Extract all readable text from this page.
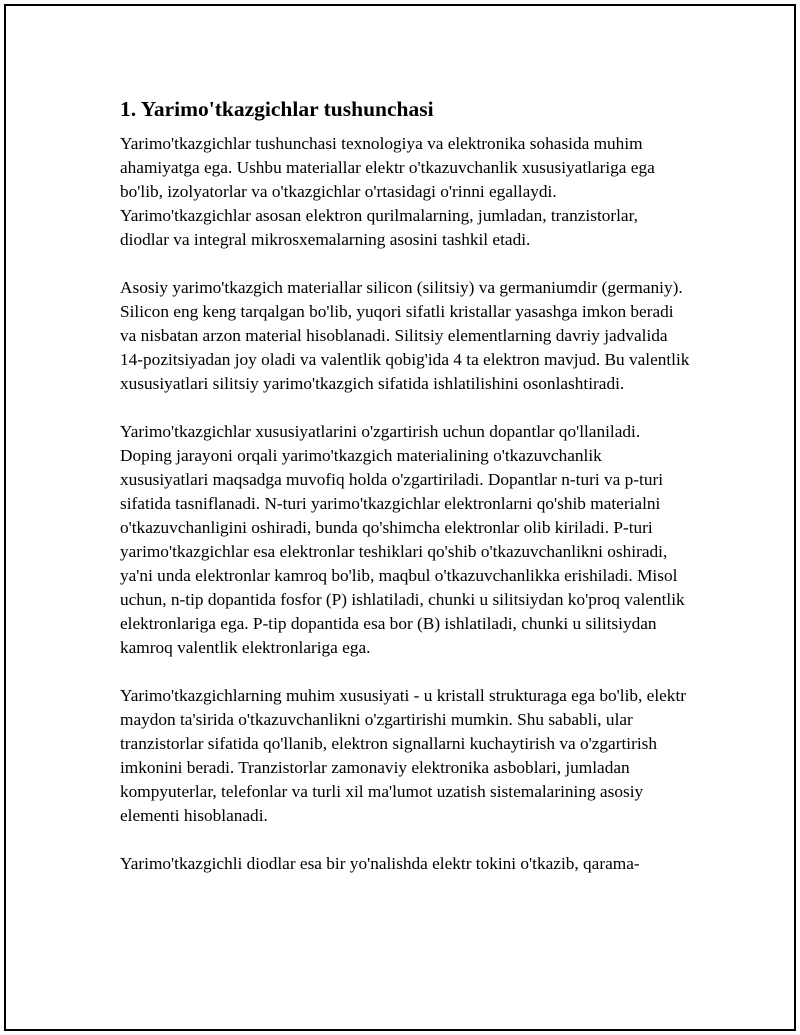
1. Yarimo'tkazgichlar tushunchasi

Yarimo'tkazgichlar tushunchasi texnologiya va elektronika sohasida muhim ahamiyatga ega. Ushbu materiallar elektr o'tkazuvchanlik xususiyatlariga ega bo'lib, izolyatorlar va o'tkazgichlar o'rtasidagi o'rinni egallaydi. Yarimo'tkazgichlar asosan elektron qurilmalarning, jumladan, tranzistorlar, diodlar va integral mikrosxemalarning asosini tashkil etadi.

Asosiy yarimo'tkazgich materiallar silicon (silitsiy) va germaniumdir (germaniy). Silicon eng keng tarqalgan bo'lib, yuqori sifatli kristallar yasashga imkon beradi va nisbatan arzon material hisoblanadi. Silitsiy elementlarning davriy jadvalida 14-pozitsiyadan joy oladi va valentlik qobig'ida 4 ta elektron mavjud. Bu valentlik xususiyatlari silitsiy yarimo'tkazgich sifatida ishlatilishini osonlashtiradi.

Yarimo'tkazgichlar xususiyatlarini o'zgartirish uchun dopantlar qo'llaniladi. Doping jarayoni orqali yarimo'tkazgich materialining o'tkazuvchanlik xususiyatlari maqsadga muvofiq holda o'zgartiriladi. Dopantlar n-turi va p-turi sifatida tasniflanadi. N-turi yarimo'tkazgichlar elektronlarni qo'shib materialni o'tkazuvchanligini oshiradi, bunda qo'shimcha elektronlar olib kiriladi. P-turi yarimo'tkazgichlar esa elektronlar teshiklari qo'shib o'tkazuvchanlikni oshiradi, ya'ni unda elektronlar kamroq bo'lib, maqbul o'tkazuvchanlikka erishiladi. Misol uchun, n-tip dopantida fosfor (P) ishlatiladi, chunki u silitsiydan ko'proq valentlik elektronlariga ega. P-tip dopantida esa bor (B) ishlatiladi, chunki u silitsiydan kamroq valentlik elektronlariga ega.

Yarimo'tkazgichlarning muhim xususiyati - u kristall strukturaga ega bo'lib, elektr maydon ta'sirida o'tkazuvchanlikni o'zgartirishi mumkin. Shu sababli, ular tranzistorlar sifatida qo'llanib, elektron signallarni kuchaytirish va o'zgartirish imkonini beradi. Tranzistorlar zamonaviy elektronika asboblari, jumladan kompyuterlar, telefonlar va turli xil ma'lumot uzatish sistemalarining asosiy elementi hisoblanadi.

Yarimo'tkazgichli diodlar esa bir yo'nalishda elektr tokini o'tkazib, qarama-
